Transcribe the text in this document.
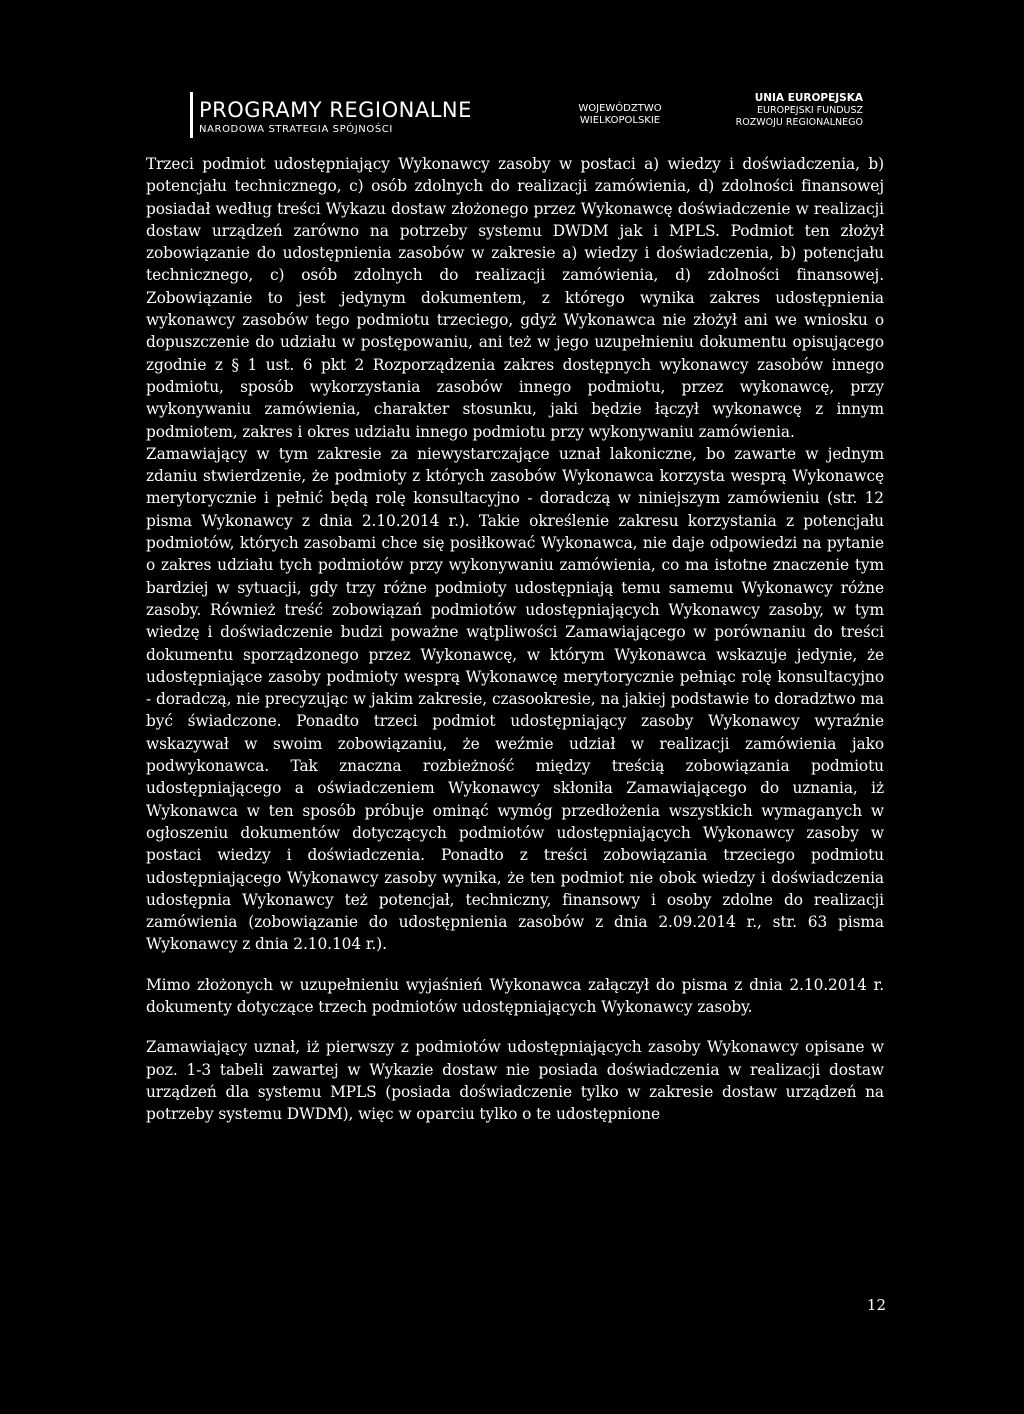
PROGRAMY REGIONALNE
NARODOWA STRATEGIA SPÓJNOŚCI
WOJEWÓDZTWO
WIELKOPOLSKIE
UNIA EUROPEJSKA
EUROPEJSKI FUNDUSZ
ROZWOJU REGIONALNEGO

Trzeci podmiot udostępniający Wykonawcy zasoby w postaci a) wiedzy i doświadczenia, b) potencjału technicznego, c) osób zdolnych do realizacji zamówienia, d) zdolności finansowej posiadał według treści Wykazu dostaw złożonego przez Wykonawcę doświadczenie w realizacji dostaw urządzeń zarówno na potrzeby systemu DWDM jak i MPLS. Podmiot ten złożył zobowiązanie do udostępnienia zasobów w zakresie a) wiedzy i doświadczenia, b) potencjału technicznego, c) osób zdolnych do realizacji zamówienia, d) zdolności finansowej. Zobowiązanie to jest jedynym dokumentem, z którego wynika zakres udostępnienia wykonawcy zasobów tego podmiotu trzeciego, gdyż Wykonawca nie złożył ani we wniosku o dopuszczenie do udziału w postępowaniu, ani też w jego uzupełnieniu dokumentu opisującego zgodnie z § 1 ust. 6 pkt 2 Rozporządzenia zakres dostępnych wykonawcy zasobów innego podmiotu, sposób wykorzystania zasobów innego podmiotu, przez wykonawcę, przy wykonywaniu zamówienia, charakter stosunku, jaki będzie łączył wykonawcę z innym podmiotem, zakres i okres udziału innego podmiotu przy wykonywaniu zamówienia.

Zamawiający w tym zakresie za niewystarczające uznał lakoniczne, bo zawarte w jednym zdaniu stwierdzenie, że podmioty z których zasobów Wykonawca korzysta wesprą Wykonawcę merytorycznie i pełnić będą rolę konsultacyjno - doradczą w niniejszym zamówieniu (str. 12 pisma Wykonawcy z dnia 2.10.2014 r.). Takie określenie zakresu korzystania z potencjału podmiotów, których zasobami chce się posiłkować Wykonawca, nie daje odpowiedzi na pytanie o zakres udziału tych podmiotów przy wykonywaniu zamówienia, co ma istotne znaczenie tym bardziej w sytuacji, gdy trzy różne podmioty udostępniają temu samemu Wykonawcy różne zasoby. Również treść zobowiązań podmiotów udostępniających Wykonawcy zasoby, w tym wiedzę i doświadczenie budzi poważne wątpliwości Zamawiającego w porównaniu do treści dokumentu sporządzonego przez Wykonawcę, w którym Wykonawca wskazuje jedynie, że udostępniające zasoby podmioty wesprą Wykonawcę merytorycznie pełniąc rolę konsultacyjno - doradczą, nie precyzując w jakim zakresie, czasookresie, na jakiej podstawie to doradztwo ma być świadczone. Ponadto trzeci podmiot udostępniający zasoby Wykonawcy wyraźnie wskazywał w swoim zobowiązaniu, że weźmie udział w realizacji zamówienia jako podwykonawca. Tak znaczna rozbieżność między treścią zobowiązania podmiotu udostępniającego a oświadczeniem Wykonawcy skłoniła Zamawiającego do uznania, iż Wykonawca w ten sposób próbuje ominąć wymóg przedłożenia wszystkich wymaganych w ogłoszeniu dokumentów dotyczących podmiotów udostępniających Wykonawcy zasoby w postaci wiedzy i doświadczenia. Ponadto z treści zobowiązania trzeciego podmiotu udostępniającego Wykonawcy zasoby wynika, że ten podmiot nie obok wiedzy i doświadczenia udostępnia Wykonawcy też potencjał, techniczny, finansowy i osoby zdolne do realizacji zamówienia (zobowiązanie do udostępnienia zasobów z dnia 2.09.2014 r., str. 63 pisma Wykonawcy z dnia 2.10.104 r.).

Mimo złożonych w uzupełnieniu wyjaśnień Wykonawca załączył do pisma z dnia 2.10.2014 r. dokumenty dotyczące trzech podmiotów udostępniających Wykonawcy zasoby.

Zamawiający uznał, iż pierwszy z podmiotów udostępniających zasoby Wykonawcy opisane w poz. 1-3 tabeli zawartej w Wykazie dostaw nie posiada doświadczenia w realizacji dostaw urządzeń dla systemu MPLS (posiada doświadczenie tylko w zakresie dostaw urządzeń na potrzeby systemu DWDM), więc w oparciu tylko o te udostępnione

12
